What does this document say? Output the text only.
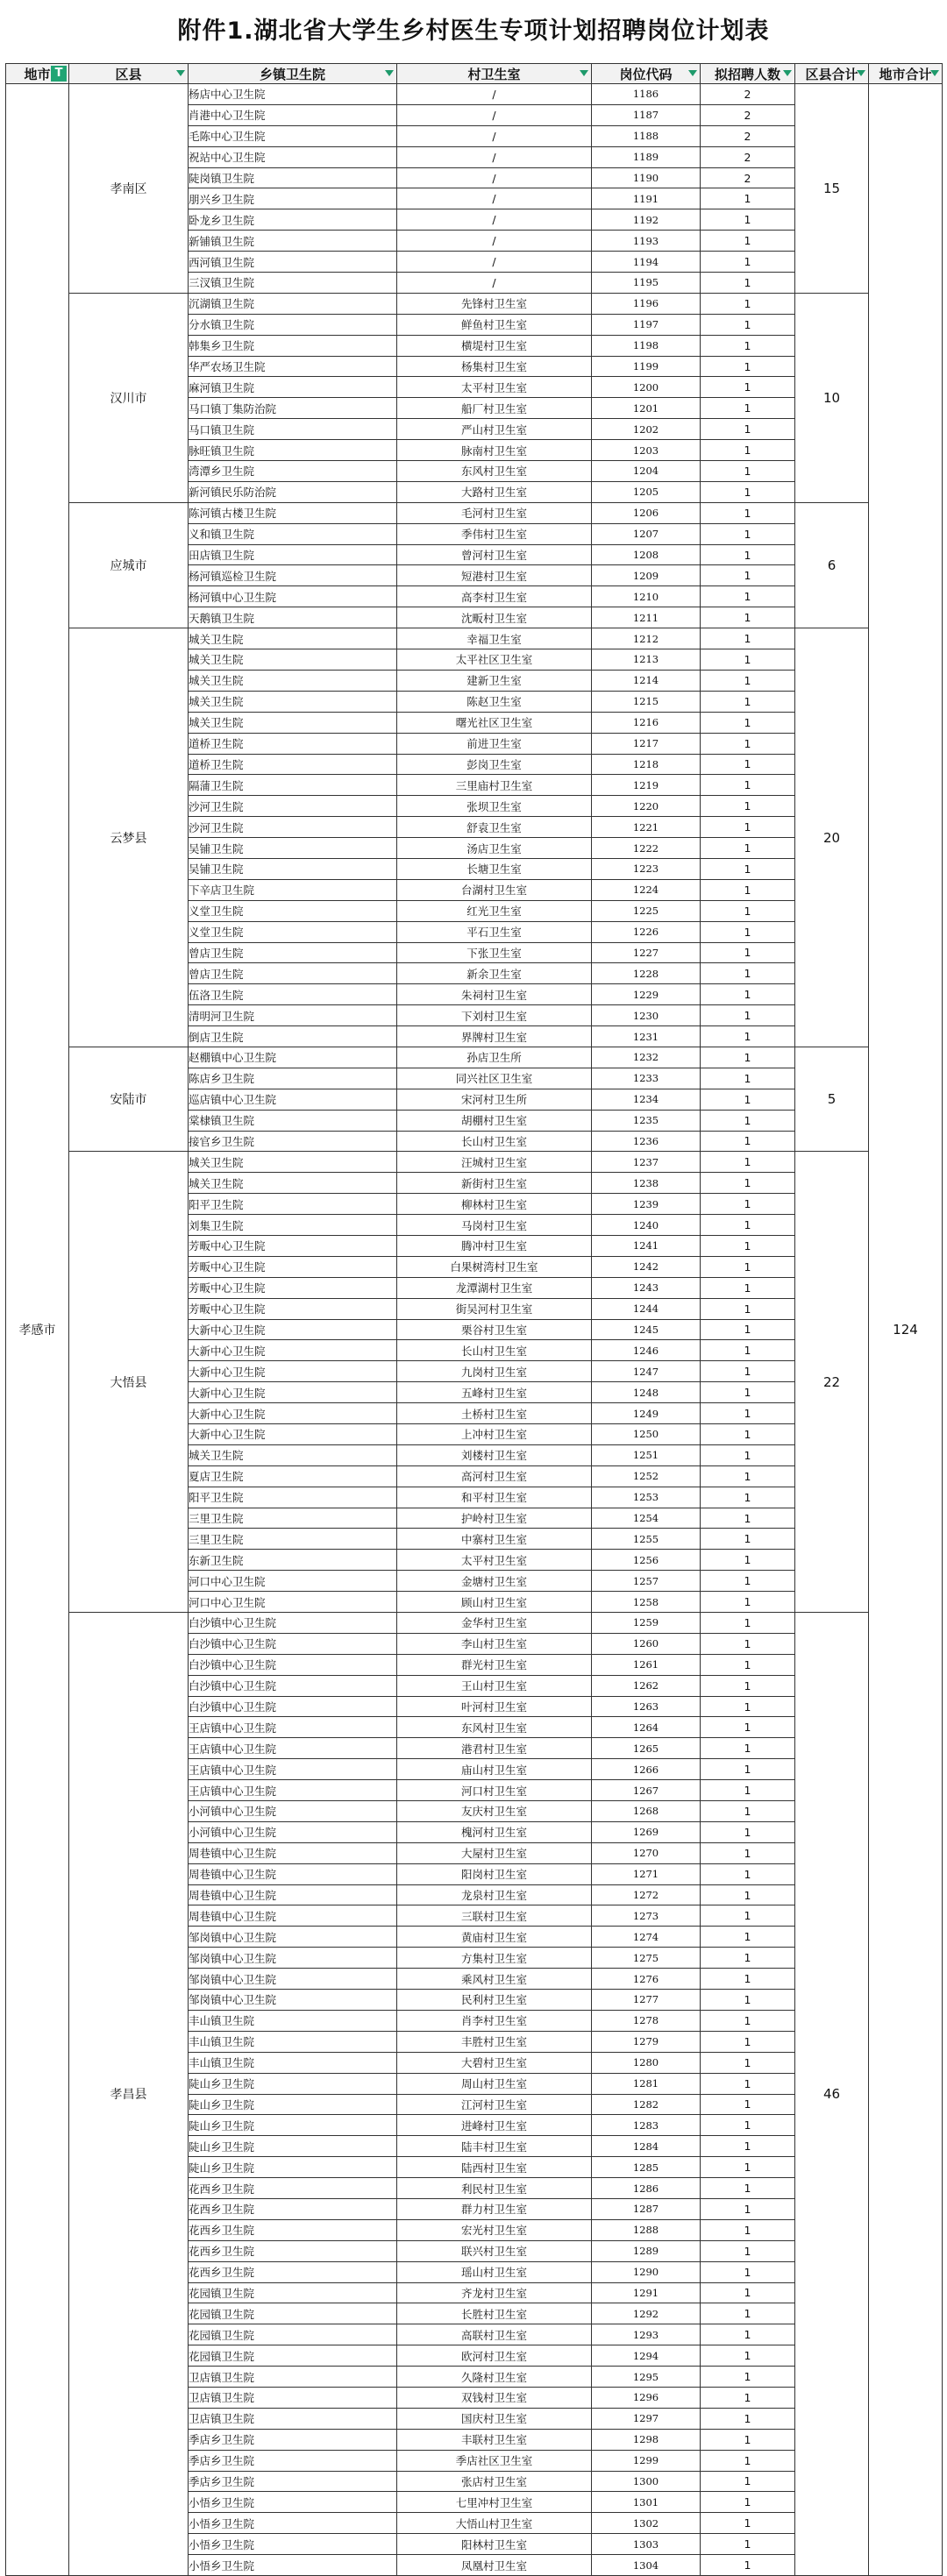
附件1.湖北省大学生乡村医生专项计划招聘岗位计划表
地市 T	区县	乡镇卫生院	村卫生室	岗位代码	拟招聘人数	区县合计	地市合计

孝感市	孝南区	杨店中心卫生院	/	1186	2	15	124
		肖港中心卫生院	/	1187	2		
		毛陈中心卫生院	/	1188	2		
		祝站中心卫生院	/	1189	2		
		陡岗镇卫生院	/	1190	2		
		朋兴乡卫生院	/	1191	1		
		卧龙乡卫生院	/	1192	1		
		新铺镇卫生院	/	1193	1		
		西河镇卫生院	/	1194	1		
		三汊镇卫生院	/	1195	1		
	汉川市	沉湖镇卫生院	先锋村卫生室	1196	1	10	
		分水镇卫生院	鲜鱼村卫生室	1197	1		
		韩集乡卫生院	横堤村卫生室	1198	1		
		华严农场卫生院	杨集村卫生室	1199	1		
		麻河镇卫生院	太平村卫生室	1200	1		
		马口镇丁集防治院	船厂村卫生室	1201	1		
		马口镇卫生院	严山村卫生室	1202	1		
		脉旺镇卫生院	脉南村卫生室	1203	1		
		湾潭乡卫生院	东风村卫生室	1204	1		
		新河镇民乐防治院	大路村卫生室	1205	1		
	应城市	陈河镇古楼卫生院	毛河村卫生室	1206	1	6	
		义和镇卫生院	季伟村卫生室	1207	1		
		田店镇卫生院	曾河村卫生室	1208	1		
		杨河镇巡检卫生院	短港村卫生室	1209	1		
		杨河镇中心卫生院	高李村卫生室	1210	1		
		天鹅镇卫生院	沈畈村卫生室	1211	1		
	云梦县	城关卫生院	幸福卫生室	1212	1	20	
		城关卫生院	太平社区卫生室	1213	1		
		城关卫生院	建新卫生室	1214	1		
		城关卫生院	陈赵卫生室	1215	1		
		城关卫生院	曙光社区卫生室	1216	1		
		道桥卫生院	前进卫生室	1217	1		
		道桥卫生院	彭岗卫生室	1218	1		
		隔蒲卫生院	三里庙村卫生室	1219	1		
		沙河卫生院	张坝卫生室	1220	1		
		沙河卫生院	舒袁卫生室	1221	1		
		吴铺卫生院	汤店卫生室	1222	1		
		吴铺卫生院	长塘卫生室	1223	1		
		下辛店卫生院	台湖村卫生室	1224	1		
		义堂卫生院	红光卫生室	1225	1		
		义堂卫生院	平石卫生室	1226	1		
		曾店卫生院	下张卫生室	1227	1		
		曾店卫生院	新余卫生室	1228	1		
		伍洛卫生院	朱祠村卫生室	1229	1		
		清明河卫生院	下刘村卫生室	1230	1		
		倒店卫生院	界牌村卫生室	1231	1		
	安陆市	赵棚镇中心卫生院	孙店卫生所	1232	1	5	
		陈店乡卫生院	同兴社区卫生室	1233	1		
		巡店镇中心卫生院	宋河村卫生所	1234	1		
		棠棣镇卫生院	胡棚村卫生室	1235	1		
		接官乡卫生院	长山村卫生室	1236	1		
	大悟县	城关卫生院	汪城村卫生室	1237	1	22	
		城关卫生院	新街村卫生室	1238	1		
		阳平卫生院	柳林村卫生室	1239	1		
		刘集卫生院	马岗村卫生室	1240	1		
		芳畈中心卫生院	腾冲村卫生室	1241	1		
		芳畈中心卫生院	白果树湾村卫生室	1242	1		
		芳畈中心卫生院	龙潭湖村卫生室	1243	1		
		芳畈中心卫生院	街吴河村卫生室	1244	1		
		大新中心卫生院	栗谷村卫生室	1245	1		
		大新中心卫生院	长山村卫生室	1246	1		
		大新中心卫生院	九岗村卫生室	1247	1		
		大新中心卫生院	五峰村卫生室	1248	1		
		大新中心卫生院	土桥村卫生室	1249	1		
		大新中心卫生院	上冲村卫生室	1250	1		
		城关卫生院	刘楼村卫生室	1251	1		
		夏店卫生院	高河村卫生室	1252	1		
		阳平卫生院	和平村卫生室	1253	1		
		三里卫生院	护岭村卫生室	1254	1		
		三里卫生院	中寨村卫生室	1255	1		
		东新卫生院	太平村卫生室	1256	1		
		河口中心卫生院	金塘村卫生室	1257	1		
		河口中心卫生院	顾山村卫生室	1258	1		
	孝昌县	白沙镇中心卫生院	金华村卫生室	1259	1	46	
		白沙镇中心卫生院	李山村卫生室	1260	1		
		白沙镇中心卫生院	群光村卫生室	1261	1		
		白沙镇中心卫生院	王山村卫生室	1262	1		
		白沙镇中心卫生院	叶河村卫生室	1263	1		
		王店镇中心卫生院	东风村卫生室	1264	1		
		王店镇中心卫生院	港君村卫生室	1265	1		
		王店镇中心卫生院	庙山村卫生室	1266	1		
		王店镇中心卫生院	河口村卫生室	1267	1		
		小河镇中心卫生院	友庆村卫生室	1268	1		
		小河镇中心卫生院	槐河村卫生室	1269	1		
		周巷镇中心卫生院	大屋村卫生室	1270	1		
		周巷镇中心卫生院	阳岗村卫生室	1271	1		
		周巷镇中心卫生院	龙泉村卫生室	1272	1		
		周巷镇中心卫生院	三联村卫生室	1273	1		
		邹岗镇中心卫生院	黄庙村卫生室	1274	1		
		邹岗镇中心卫生院	方集村卫生室	1275	1		
		邹岗镇中心卫生院	乘风村卫生室	1276	1		
		邹岗镇中心卫生院	民利村卫生室	1277	1		
		丰山镇卫生院	肖李村卫生室	1278	1		
		丰山镇卫生院	丰胜村卫生室	1279	1		
		丰山镇卫生院	大碧村卫生室	1280	1		
		陡山乡卫生院	周山村卫生室	1281	1		
		陡山乡卫生院	江河村卫生室	1282	1		
		陡山乡卫生院	进峰村卫生室	1283	1		
		陡山乡卫生院	陆丰村卫生室	1284	1		
		陡山乡卫生院	陆西村卫生室	1285	1		
		花西乡卫生院	利民村卫生室	1286	1		
		花西乡卫生院	群力村卫生室	1287	1		
		花西乡卫生院	宏光村卫生室	1288	1		
		花西乡卫生院	联兴村卫生室	1289	1		
		花西乡卫生院	瑶山村卫生室	1290	1		
		花园镇卫生院	齐龙村卫生室	1291	1		
		花园镇卫生院	长胜村卫生室	1292	1		
		花园镇卫生院	高联村卫生室	1293	1		
		花园镇卫生院	欧河村卫生室	1294	1		
		卫店镇卫生院	久隆村卫生室	1295	1		
		卫店镇卫生院	双钱村卫生室	1296	1		
		卫店镇卫生院	国庆村卫生室	1297	1		
		季店乡卫生院	丰联村卫生室	1298	1		
		季店乡卫生院	季店社区卫生室	1299	1		
		季店乡卫生院	张店村卫生室	1300	1		
		小悟乡卫生院	七里冲村卫生室	1301	1		
		小悟乡卫生院	大悟山村卫生室	1302	1		
		小悟乡卫生院	阳林村卫生室	1303	1		
		小悟乡卫生院	凤凰村卫生室	1304	1		
